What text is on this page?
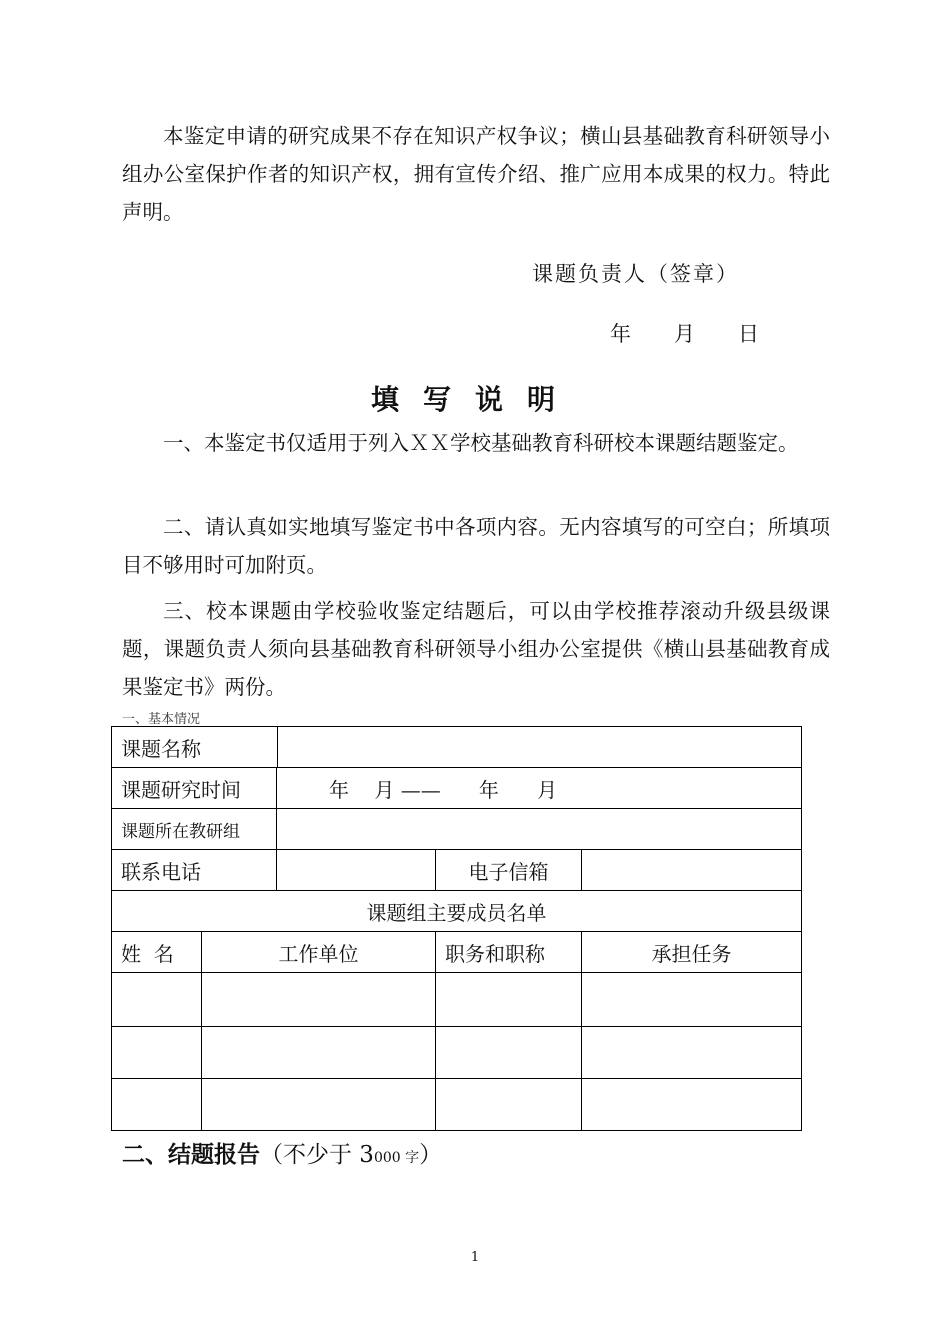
本鉴定申请的研究成果不存在知识产权争议；横山县基础教育科研领导小组办公室保护作者的知识产权，拥有宣传介绍、推广应用本成果的权力。特此声明。

课题负责人（签章）

年 月 日

填写说明

一、本鉴定书仅适用于列入ＸＸ学校基础教育科研校本课题结题鉴定。

二、请认真如实地填写鉴定书中各项内容。无内容填写的可空白；所填项目不够用时可加附页。

三、校本课题由学校验收鉴定结题后，可以由学校推荐滚动升级县级课题，课题负责人须向县基础教育科研领导小组办公室提供《横山县基础教育成果鉴定书》两份。

一、基本情况

课题名称				
课题研究时间		年    月 ——      年      月		
课题所在教研组				
联系电话			电子信箱	
课题组主要成员名单				
姓  名	工作单位		职务和职称	承担任务

二、结题报告（不少于 3000 字）

1
